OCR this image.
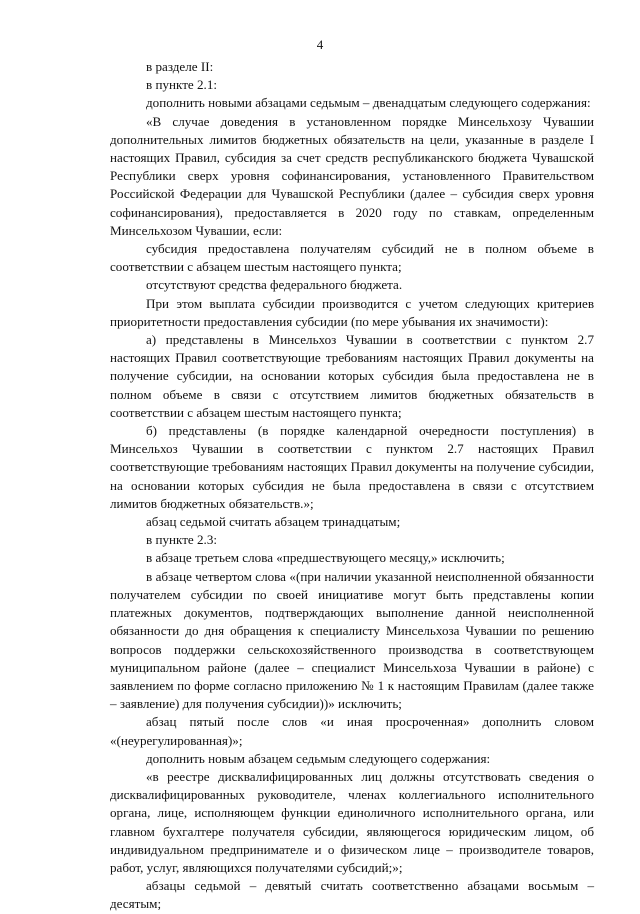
4

в разделе II:

в пункте 2.1:

дополнить новыми абзацами седьмым – двенадцатым следующего содержания:

«В случае доведения в установленном порядке Минсельхозу Чувашии дополнительных лимитов бюджетных обязательств на цели, указанные в разделе I настоящих Правил, субсидия за счет средств республиканского бюджета Чувашской Республики сверх уровня софинансирования, установленного Правительством Российской Федерации для Чувашской Республики (далее – субсидия сверх уровня софинансирования), предоставляется в 2020 году по ставкам, определенным Минсельхозом Чувашии, если:

субсидия предоставлена получателям субсидий не в полном объеме в соответствии с абзацем шестым настоящего пункта;

отсутствуют средства федерального бюджета.

При этом выплата субсидии производится с учетом следующих критериев приоритетности предоставления субсидии (по мере убывания их значимости):

а) представлены в Минсельхоз Чувашии в соответствии с пунктом 2.7 настоящих Правил соответствующие требованиям настоящих Правил документы на получение субсидии, на основании которых субсидия была предоставлена не в полном объеме в связи с отсутствием лимитов бюджетных обязательств в соответствии с абзацем шестым настоящего пункта;

б) представлены (в порядке календарной очередности поступления) в Минсельхоз Чувашии в соответствии с пунктом 2.7 настоящих Правил соответствующие требованиям настоящих Правил документы на получение субсидии, на основании которых субсидия не была предоставлена в связи с отсутствием лимитов бюджетных обязательств.»;

абзац седьмой считать абзацем тринадцатым;

в пункте 2.3:

в абзаце третьем слова «предшествующего месяцу,» исключить;

в абзаце четвертом слова «(при наличии указанной неисполненной обязанности получателем субсидии по своей инициативе могут быть представлены копии платежных документов, подтверждающих выполнение данной неисполненной обязанности до дня обращения к специалисту Минсельхоза Чувашии по решению вопросов поддержки сельскохозяйственного производства в соответствующем муниципальном районе (далее – специалист Минсельхоза Чувашии в районе) с заявлением по форме согласно приложению № 1 к настоящим Правилам (далее также – заявление) для получения субсидии))» исключить;

абзац пятый после слов «и иная просроченная» дополнить словом «(неурегулированная)»;

дополнить новым абзацем седьмым следующего содержания:

«в реестре дисквалифицированных лиц должны отсутствовать сведения о дисквалифицированных руководителе, членах коллегиального исполнительного органа, лице, исполняющем функции единоличного исполнительного органа, или главном бухгалтере получателя субсидии, являющегося юридическим лицом, об индивидуальном предпринимателе и о физическом лице – производителе товаров, работ, услуг, являющихся получателями субсидий;»;

абзацы седьмой – девятый считать соответственно абзацами восьмым – десятым;
